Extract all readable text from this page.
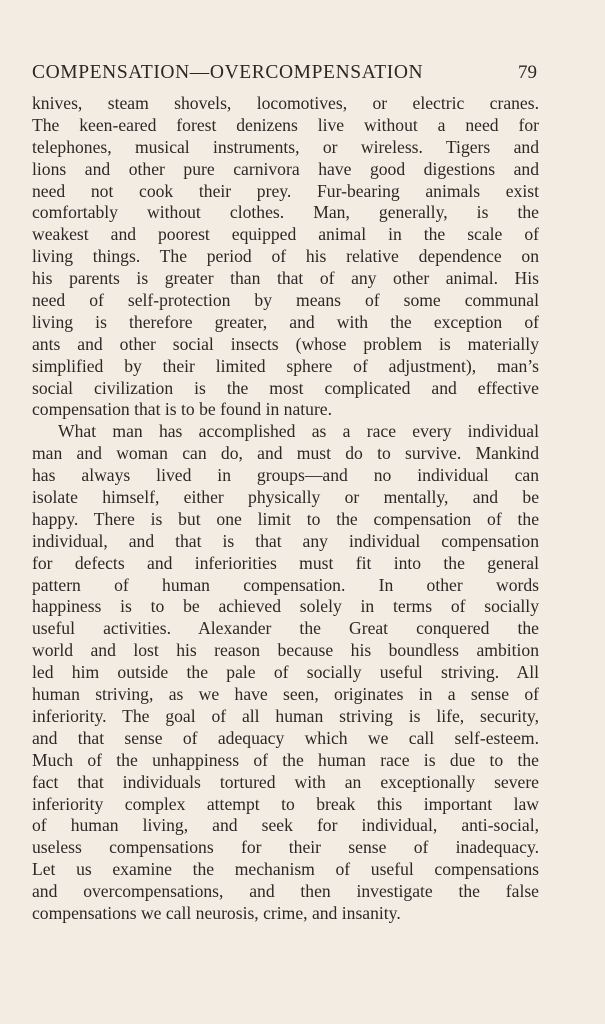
COMPENSATION—OVERCOMPENSATION	79
knives, steam shovels, locomotives, or electric cranes.
The keen-eared forest denizens live without a need for
telephones, musical instruments, or wireless. Tigers and
lions and other pure carnivora have good digestions and
need not cook their prey. Fur-bearing animals exist
comfortably without clothes. Man, generally, is the
weakest and poorest equipped animal in the scale of
living things. The period of his relative dependence on
his parents is greater than that of any other animal. His
need of self-protection by means of some communal
living is therefore greater, and with the exception of
ants and other social insects (whose problem is materially
simplified by their limited sphere of adjustment), man’s
social civilization is the most complicated and effective
compensation that is to be found in nature.
What man has accomplished as a race every individual
man and woman can do, and must do to survive. Mankind
has always lived in groups—and no individual can
isolate himself, either physically or mentally, and be
happy. There is but one limit to the compensation of the
individual, and that is that any individual compensation
for defects and inferiorities must fit into the general
pattern of human compensation. In other words
happiness is to be achieved solely in terms of socially
useful activities. Alexander the Great conquered the
world and lost his reason because his boundless ambition
led him outside the pale of socially useful striving. All
human striving, as we have seen, originates in a sense of
inferiority. The goal of all human striving is life, security,
and that sense of adequacy which we call self-esteem.
Much of the unhappiness of the human race is due to the
fact that individuals tortured with an exceptionally severe
inferiority complex attempt to break this important law
of human living, and seek for individual, anti-social,
useless compensations for their sense of inadequacy.
Let us examine the mechanism of useful compensations
and overcompensations, and then investigate the false
compensations we call neurosis, crime, and insanity.
